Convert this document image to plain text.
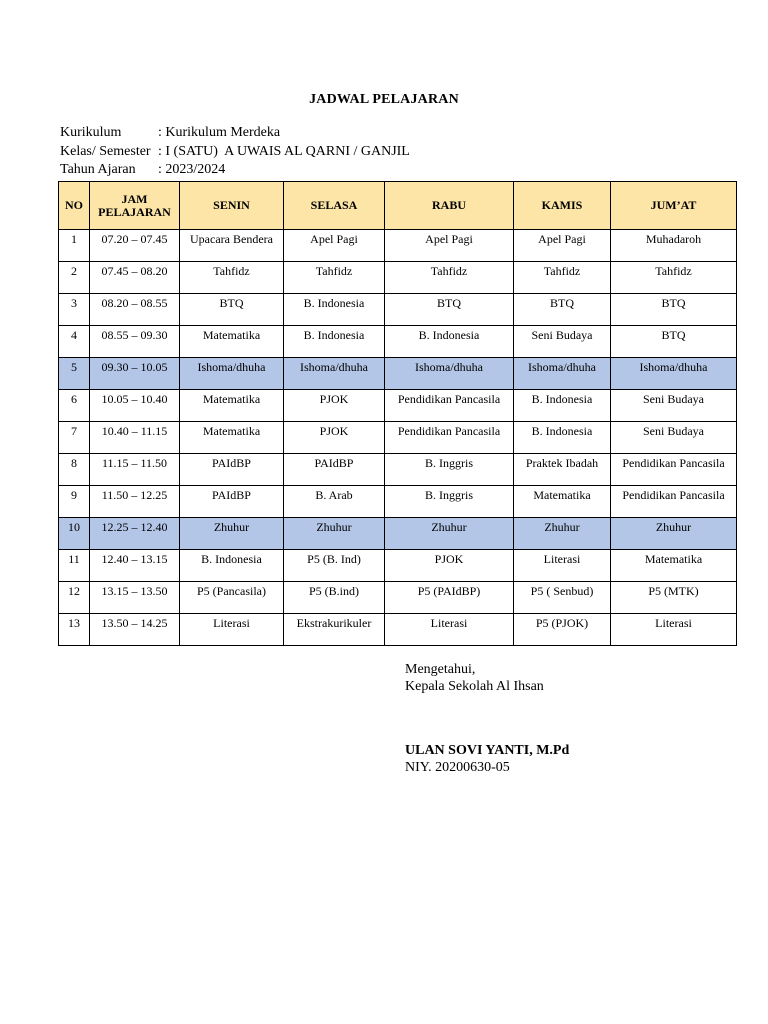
JADWAL PELAJARAN
Kurikulum	: Kurikulum Merdeka
Kelas/ Semester : I (SATU)  A UWAIS AL QARNI / GANJIL
Tahun Ajaran	: 2023/2024
NO	JAM PELAJARAN	SENIN	SELASA	RABU	KAMIS	JUM’AT
1	07.20 – 07.45	Upacara Bendera	Apel Pagi	Apel Pagi	Apel Pagi	Muhadaroh
2	07.45 – 08.20	Tahfidz	Tahfidz	Tahfidz	Tahfidz	Tahfidz
3	08.20 – 08.55	BTQ	B. Indonesia	BTQ	BTQ	BTQ
4	08.55 – 09.30	Matematika	B. Indonesia	B. Indonesia	Seni Budaya	BTQ
5	09.30 – 10.05	Ishoma/dhuha	Ishoma/dhuha	Ishoma/dhuha	Ishoma/dhuha	Ishoma/dhuha
6	10.05 – 10.40	Matematika	PJOK	Pendidikan Pancasila	B. Indonesia	Seni Budaya
7	10.40 – 11.15	Matematika	PJOK	Pendidikan Pancasila	B. Indonesia	Seni Budaya
8	11.15 – 11.50	PAIdBP	PAIdBP	B. Inggris	Praktek Ibadah	Pendidikan Pancasila
9	11.50 – 12.25	PAIdBP	B. Arab	B. Inggris	Matematika	Pendidikan Pancasila
10	12.25 – 12.40	Zhuhur	Zhuhur	Zhuhur	Zhuhur	Zhuhur
11	12.40 – 13.15	B. Indonesia	P5 (B. Ind)	PJOK	Literasi	Matematika
12	13.15 – 13.50	P5 (Pancasila)	P5 (B.ind)	P5 (PAIdBP)	P5 ( Senbud)	P5 (MTK)
13	13.50 – 14.25	Literasi	Ekstrakurikuler	Literasi	P5 (PJOK)	Literasi
Mengetahui,
Kepala Sekolah Al Ihsan
ULAN SOVI YANTI, M.Pd
NIY. 20200630-05
